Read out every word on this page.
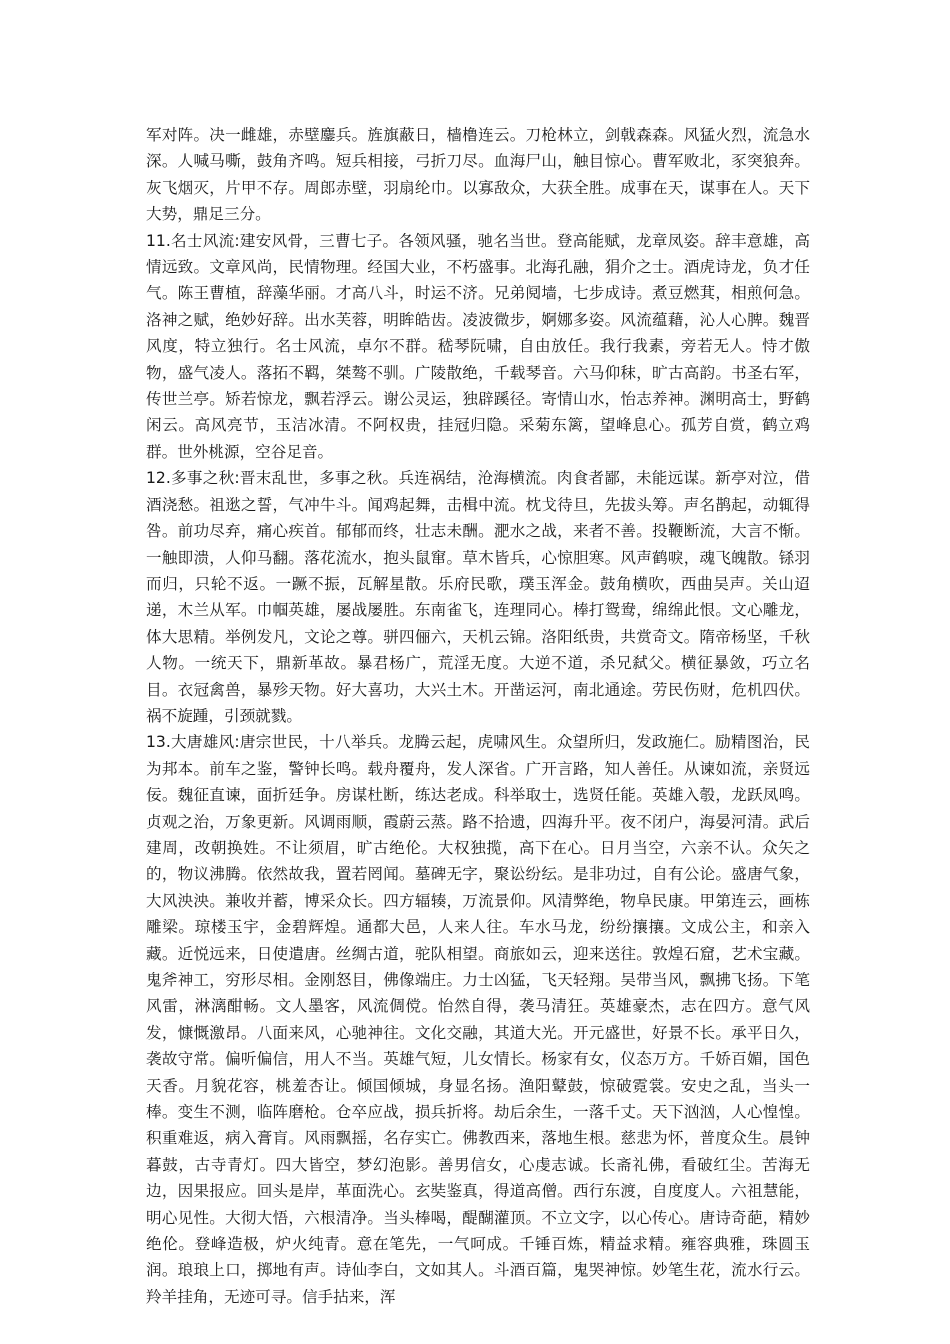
军对阵。决一雌雄，赤壁鏖兵。旌旗蔽日，樯橹连云。刀枪林立，剑戟森森。风猛火烈，流急水深。人喊马嘶，鼓角齐鸣。短兵相接，弓折刀尽。血海尸山，触目惊心。曹军败北，豕突狼奔。灰飞烟灭，片甲不存。周郎赤壁，羽扇纶巾。以寡敌众，大获全胜。成事在天，谋事在人。天下大势，鼎足三分。

11.名士风流:建安风骨，三曹七子。各领风骚，驰名当世。登高能赋，龙章凤姿。辞丰意雄，高情远致。文章风尚，民情物理。经国大业，不朽盛事。北海孔融，狷介之士。酒虎诗龙，负才任气。陈王曹植，辞藻华丽。才高八斗，时运不济。兄弟阋墙，七步成诗。煮豆燃萁，相煎何急。洛神之赋，绝妙好辞。出水芙蓉，明眸皓齿。凌波微步，婀娜多姿。风流蕴藉，沁人心脾。魏晋风度，特立独行。名士风流，卓尔不群。嵇琴阮啸，自由放任。我行我素，旁若无人。恃才傲物，盛气凌人。落拓不羁，桀骜不驯。广陵散绝，千载琴音。六马仰秣，旷古高韵。书圣右军，传世兰亭。矫若惊龙，飘若浮云。谢公灵运，独辟蹊径。寄情山水，怡志养神。渊明高士，野鹤闲云。高风亮节，玉洁冰清。不阿权贵，挂冠归隐。采菊东篱，望峰息心。孤芳自赏，鹤立鸡群。世外桃源，空谷足音。

12.多事之秋:晋末乱世，多事之秋。兵连祸结，沧海横流。肉食者鄙，未能远谋。新亭对泣，借酒浇愁。祖逖之誓，气冲牛斗。闻鸡起舞，击楫中流。枕戈待旦，先拔头筹。声名鹊起，动辄得咎。前功尽弃，痛心疾首。郁郁而终，壮志未酬。淝水之战，来者不善。投鞭断流，大言不惭。一触即溃，人仰马翻。落花流水，抱头鼠窜。草木皆兵，心惊胆寒。风声鹤唳，魂飞魄散。铩羽而归，只轮不返。一蹶不振，瓦解星散。乐府民歌，璞玉浑金。鼓角横吹，西曲吴声。关山迢递，木兰从军。巾帼英雄，屡战屡胜。东南雀飞，连理同心。棒打鸳鸯，绵绵此恨。文心雕龙，体大思精。举例发凡，文论之尊。骈四俪六，天机云锦。洛阳纸贵，共赏奇文。隋帝杨坚，千秋人物。一统天下，鼎新革故。暴君杨广，荒淫无度。大逆不道，杀兄弑父。横征暴敛，巧立名目。衣冠禽兽，暴殄天物。好大喜功，大兴土木。开凿运河，南北通途。劳民伤财，危机四伏。祸不旋踵，引颈就戮。

13.大唐雄风:唐宗世民，十八举兵。龙腾云起，虎啸风生。众望所归，发政施仁。励精图治，民为邦本。前车之鉴，警钟长鸣。载舟覆舟，发人深省。广开言路，知人善任。从谏如流，亲贤远佞。魏征直谏，面折廷争。房谋杜断，练达老成。科举取士，选贤任能。英雄入彀，龙跃凤鸣。贞观之治，万象更新。风调雨顺，霞蔚云蒸。路不拾遗，四海升平。夜不闭户，海晏河清。武后建周，改朝换姓。不让须眉，旷古绝伦。大权独揽，高下在心。日月当空，六亲不认。众矢之的，物议沸腾。依然故我，置若罔闻。墓碑无字，聚讼纷纭。是非功过，自有公论。盛唐气象，大风泱泱。兼收并蓄，博采众长。四方辐辏，万流景仰。风清弊绝，物阜民康。甲第连云，画栋雕梁。琼楼玉宇，金碧辉煌。通都大邑，人来人往。车水马龙，纷纷攘攘。文成公主，和亲入藏。近悦远来，日使遣唐。丝绸古道，驼队相望。商旅如云，迎来送往。敦煌石窟，艺术宝藏。鬼斧神工，穷形尽相。金刚怒目，佛像端庄。力士凶猛，飞天轻翔。吴带当风，飘拂飞扬。下笔风雷，淋漓酣畅。文人墨客，风流倜傥。怡然自得，袭马清狂。英雄豪杰，志在四方。意气风发，慷慨激昂。八面来风，心驰神往。文化交融，其道大光。开元盛世，好景不长。承平日久，袭故守常。偏听偏信，用人不当。英雄气短，儿女情长。杨家有女，仪态万方。千娇百媚，国色天香。月貌花容，桃羞杏让。倾国倾城，身显名扬。渔阳鼙鼓，惊破霓裳。安史之乱，当头一棒。变生不测，临阵磨枪。仓卒应战，损兵折将。劫后余生，一落千丈。天下汹汹，人心惶惶。积重难返，病入膏肓。风雨飘摇，名存实亡。佛教西来，落地生根。慈悲为怀，普度众生。晨钟暮鼓，古寺青灯。四大皆空，梦幻泡影。善男信女，心虔志诚。长斋礼佛，看破红尘。苦海无边，因果报应。回头是岸，革面洗心。玄奘鉴真，得道高僧。西行东渡，自度度人。六祖慧能，明心见性。大彻大悟，六根清净。当头棒喝，醍醐灌顶。不立文字，以心传心。唐诗奇葩，精妙绝伦。登峰造极，炉火纯青。意在笔先，一气呵成。千锤百炼，精益求精。雍容典雅，珠圆玉润。琅琅上口，掷地有声。诗仙李白，文如其人。斗酒百篇，鬼哭神惊。妙笔生花，流水行云。羚羊挂角，无迹可寻。信手拈来，浑
